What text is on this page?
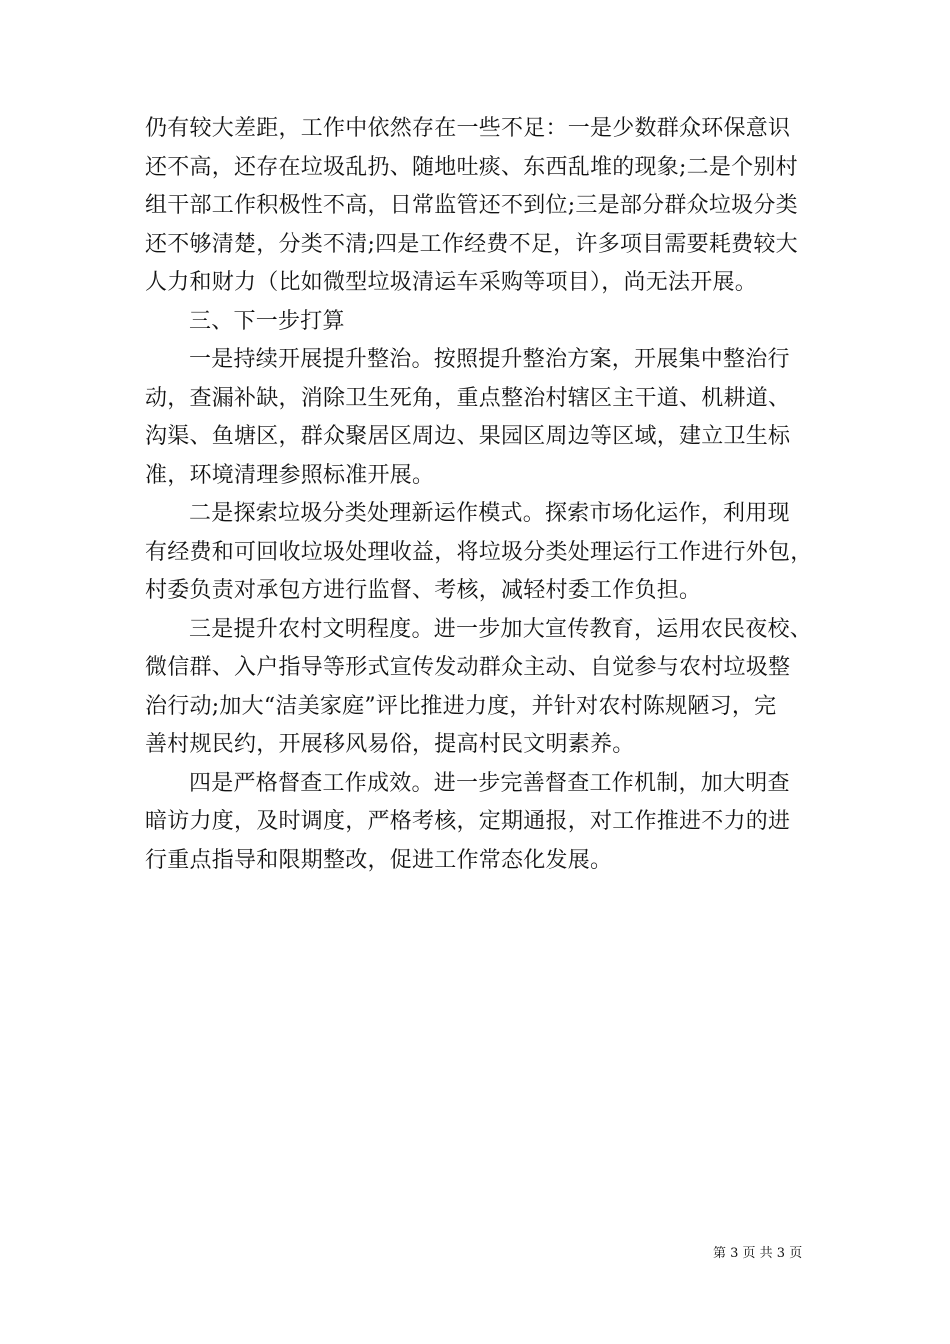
仍有较大差距，工作中依然存在一些不足：一是少数群众环保意识
还不高，还存在垃圾乱扔、随地吐痰、东西乱堆的现象;二是个别村
组干部工作积极性不高，日常监管还不到位;三是部分群众垃圾分类
还不够清楚，分类不清;四是工作经费不足，许多项目需要耗费较大
人力和财力（比如微型垃圾清运车采购等项目），尚无法开展。
三、下一步打算
一是持续开展提升整治。按照提升整治方案，开展集中整治行
动，查漏补缺，消除卫生死角，重点整治村辖区主干道、机耕道、
沟渠、鱼塘区，群众聚居区周边、果园区周边等区域，建立卫生标
准，环境清理参照标准开展。
二是探索垃圾分类处理新运作模式。探索市场化运作，利用现
有经费和可回收垃圾处理收益，将垃圾分类处理运行工作进行外包，
村委负责对承包方进行监督、考核，减轻村委工作负担。
三是提升农村文明程度。进一步加大宣传教育，运用农民夜校、
微信群、入户指导等形式宣传发动群众主动、自觉参与农村垃圾整
治行动;加大“洁美家庭”评比推进力度，并针对农村陈规陋习，完
善村规民约，开展移风易俗，提高村民文明素养。
四是严格督查工作成效。进一步完善督查工作机制，加大明查
暗访力度，及时调度，严格考核，定期通报，对工作推进不力的进
行重点指导和限期整改，促进工作常态化发展。
第 3 页 共 3 页
